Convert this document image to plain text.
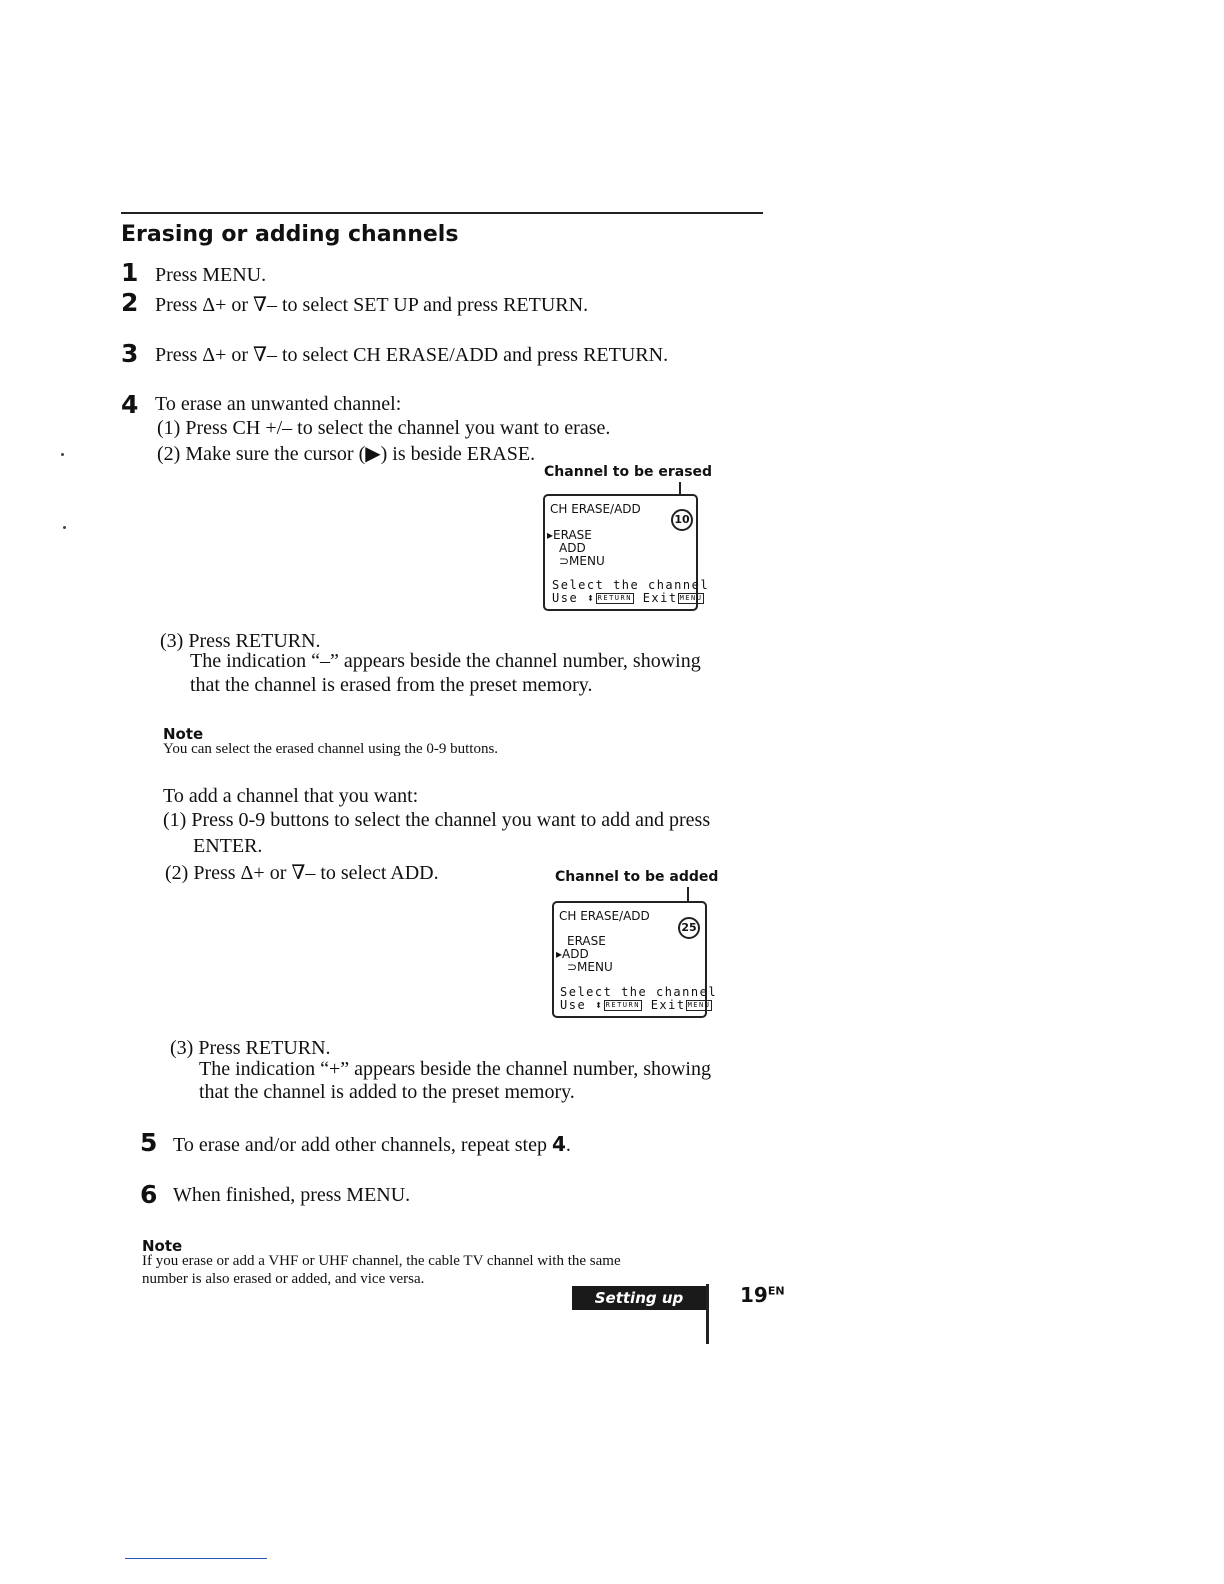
Erasing or adding channels
1 Press MENU.
2 Press Δ+ or ∇– to select SET UP and press RETURN.
3 Press Δ+ or ∇– to select CH ERASE/ADD and press RETURN.
4 To erase an unwanted channel:
(1) Press CH +/– to select the channel you want to erase.
(2) Make sure the cursor (▶) is beside ERASE.
Channel to be erased
CH ERASE/ADD
10
▸ERASE
ADD
⊃MENU
Select the channel
Use ⬍ RETURN Exit MENU
(3) Press RETURN.
The indication “–” appears beside the channel number, showing
that the channel is erased from the preset memory.
Note
You can select the erased channel using the 0-9 buttons.
To add a channel that you want:
(1) Press 0-9 buttons to select the channel you want to add and press
ENTER.
(2) Press Δ+ or ∇– to select ADD.	Channel to be added
CH ERASE/ADD
25
ERASE
▸ADD
⊃MENU
Select the channel
Use ⬍ RETURN Exit MENU
(3) Press RETURN.
The indication “+” appears beside the channel number, showing
that the channel is added to the preset memory.
5 To erase and/or add other channels, repeat step 4.
6 When finished, press MENU.
Note
If you erase or add a VHF or UHF channel, the cable TV channel with the same
number is also erased or added, and vice versa.
Setting up	$19^{EN}$
